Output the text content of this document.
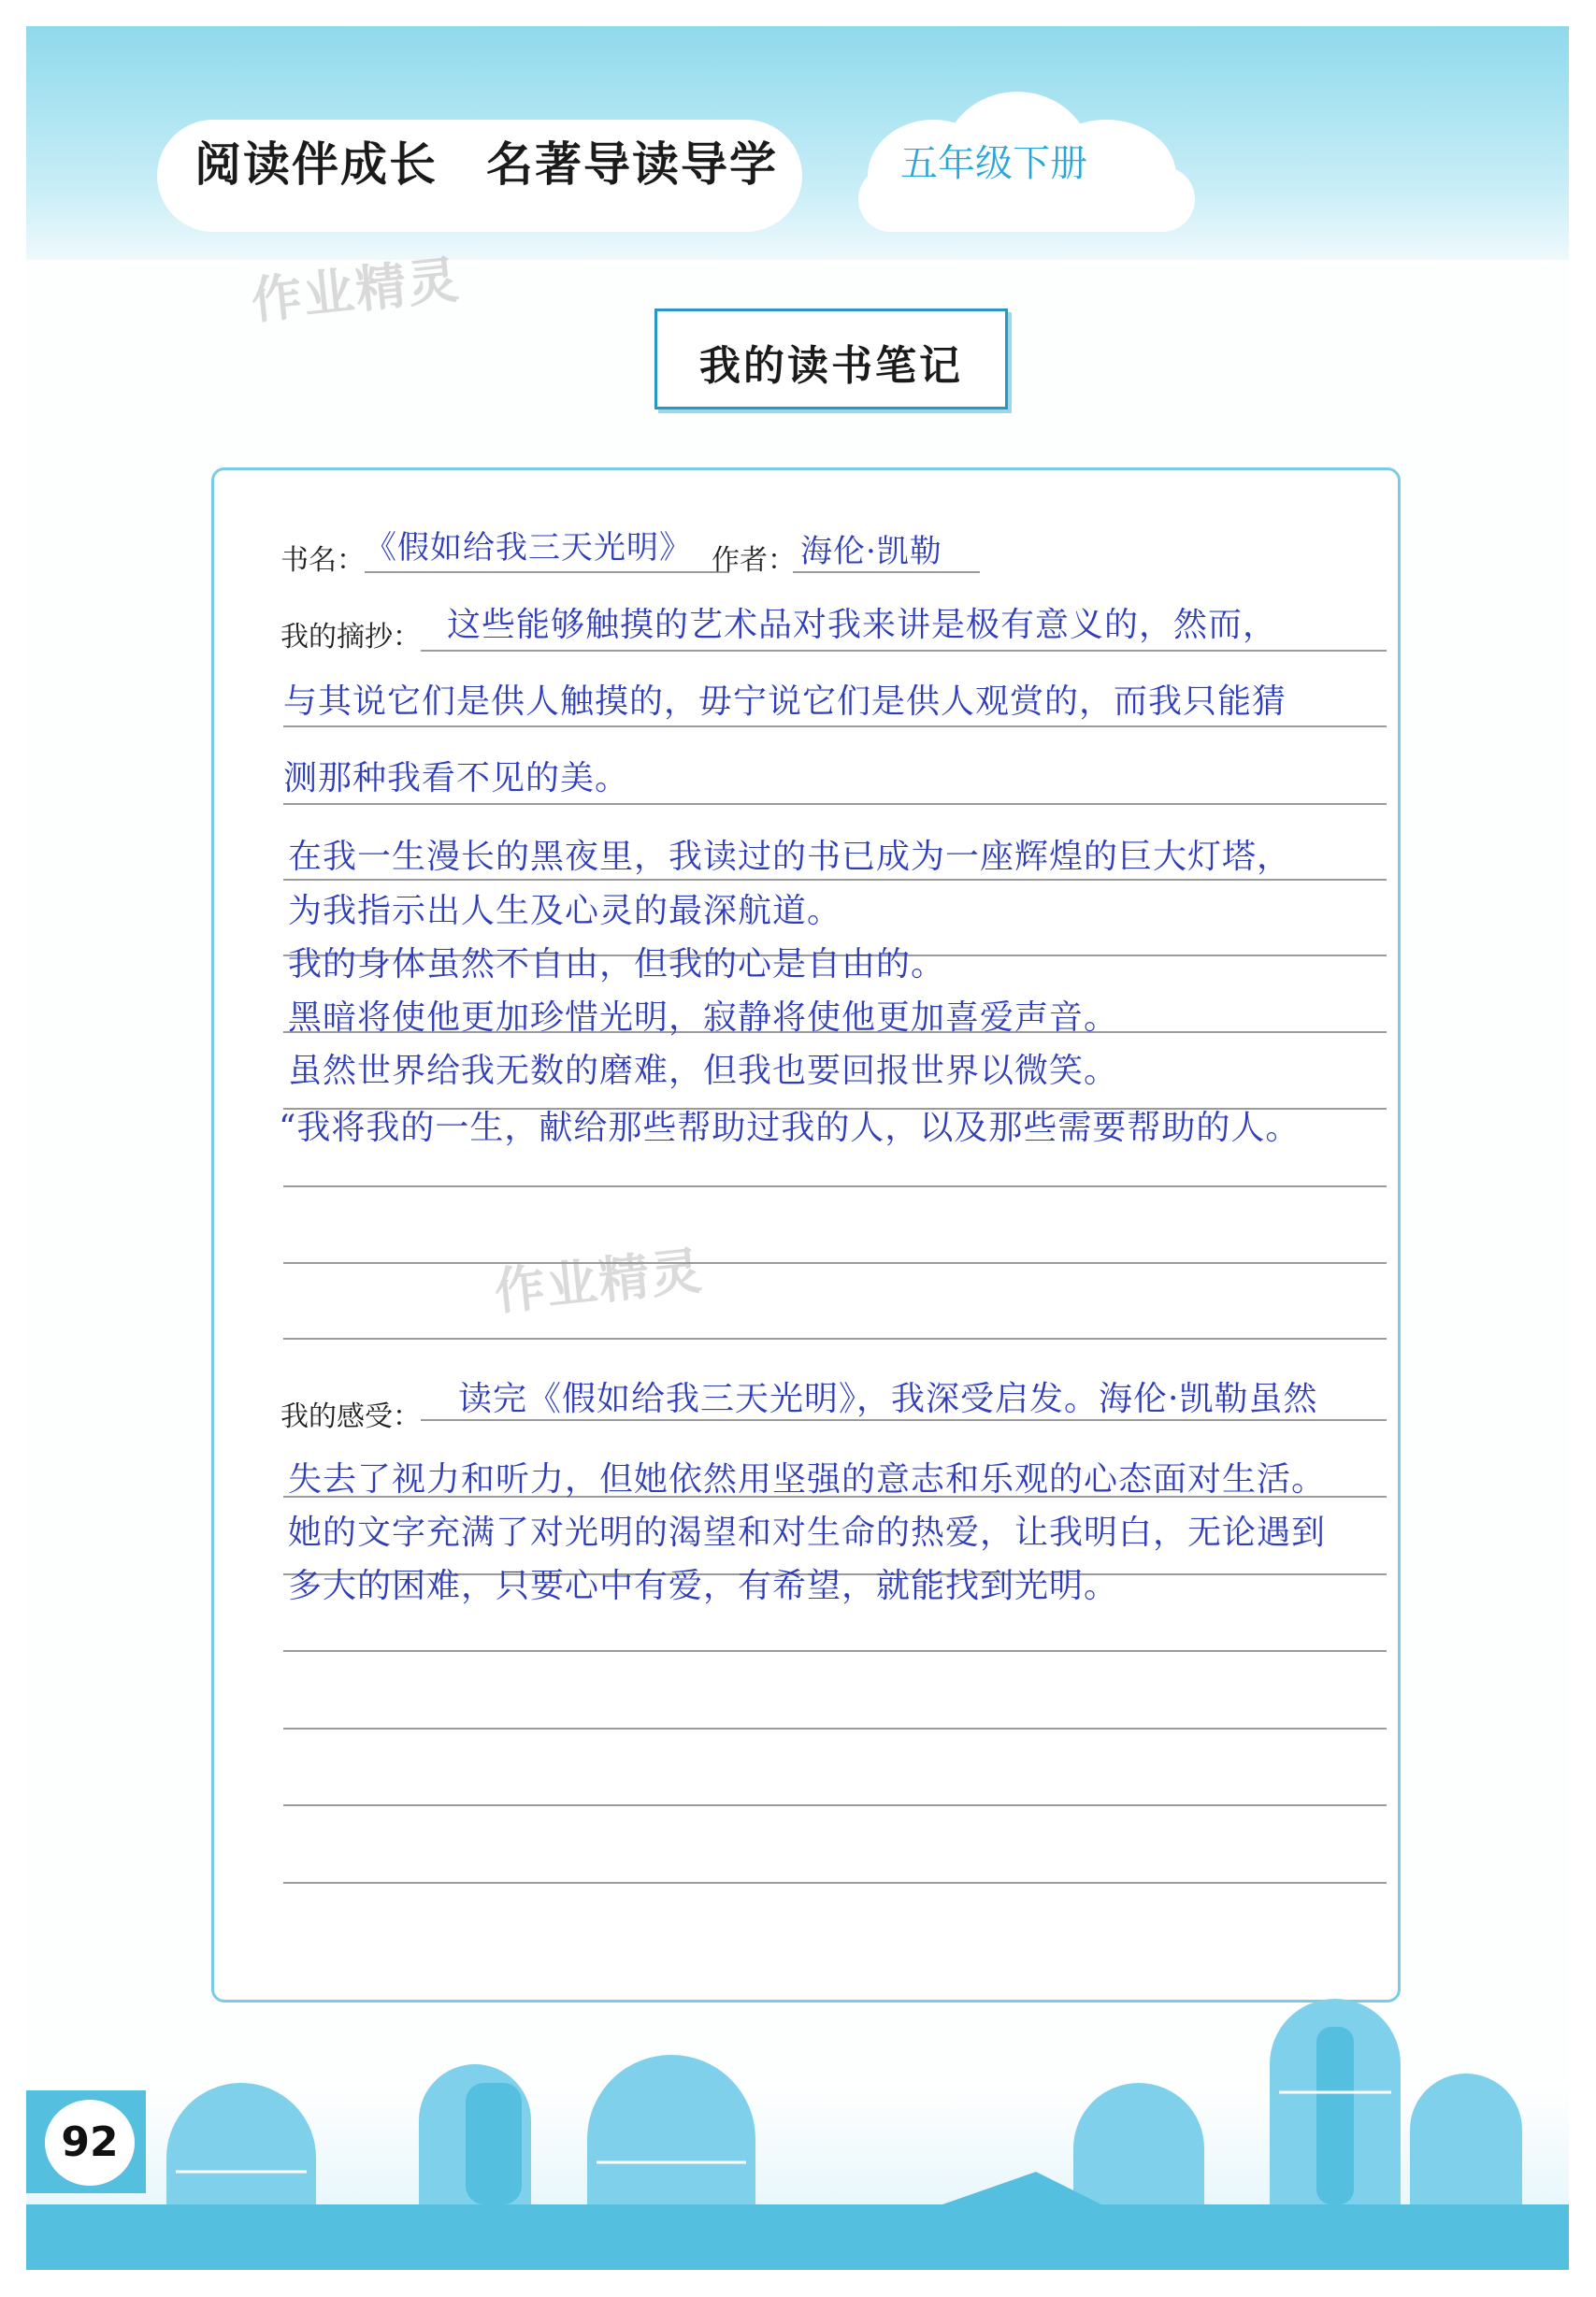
阅读伴成长　名著导读导学	五年级下册
作业精灵
我的读书笔记
书名： 《假如给我三天光明》 作者： 海伦·凯勒
我的摘抄： 这些能够触摸的艺术品对我来讲是极有意义的，然而，
与其说它们是供人触摸的，毋宁说它们是供人观赏的，而我只能猜
测那种我看不见的美。
在我一生漫长的黑夜里，我读过的书已成为一座辉煌的巨大灯塔，
为我指示出人生及心灵的最深航道。
我的身体虽然不自由，但我的心是自由的。
黑暗将使他更加珍惜光明，寂静将使他更加喜爱声音。
虽然世界给我无数的磨难，但我也要回报世界以微笑。
“我将我的一生，献给那些帮助过我的人，以及那些需要帮助的人。
作业精灵
我的感受： 读完《假如给我三天光明》，我深受启发。海伦·凯勒虽然
失去了视力和听力，但她依然用坚强的意志和乐观的心态面对生活。
她的文字充满了对光明的渴望和对生命的热爱，让我明白，无论遇到
多大的困难，只要心中有爱，有希望，就能找到光明。
92
